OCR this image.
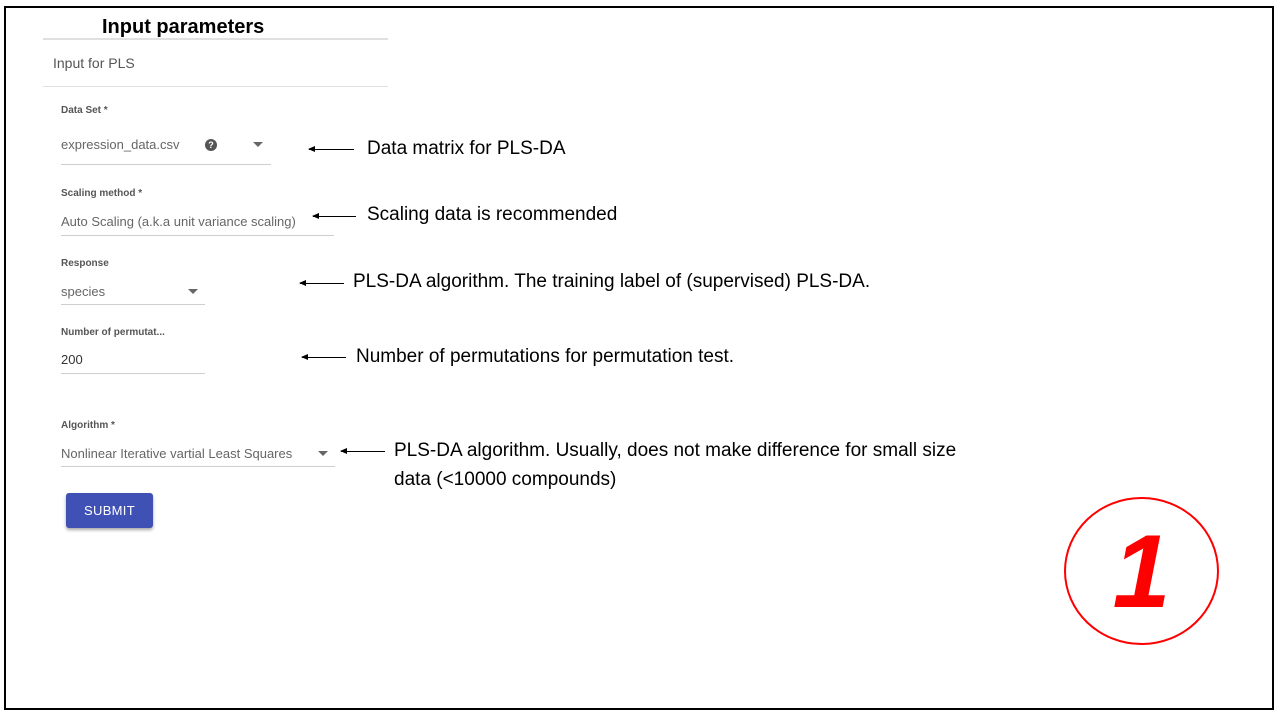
Input parameters
Input for PLS
Data Set *
expression_data.csv	?
Scaling method *
Auto Scaling (a.k.a unit variance scaling)
Response
species
Number of permutat...
200
Algorithm *
Nonlinear Iterative vartial Least Squares
SUBMIT
Data matrix for PLS-DA
Scaling data is recommended
PLS-DA algorithm. The training label of (supervised) PLS-DA.
Number of permutations for permutation test.
PLS-DA algorithm. Usually, does not make difference for small size
data (<10000 compounds)
1
